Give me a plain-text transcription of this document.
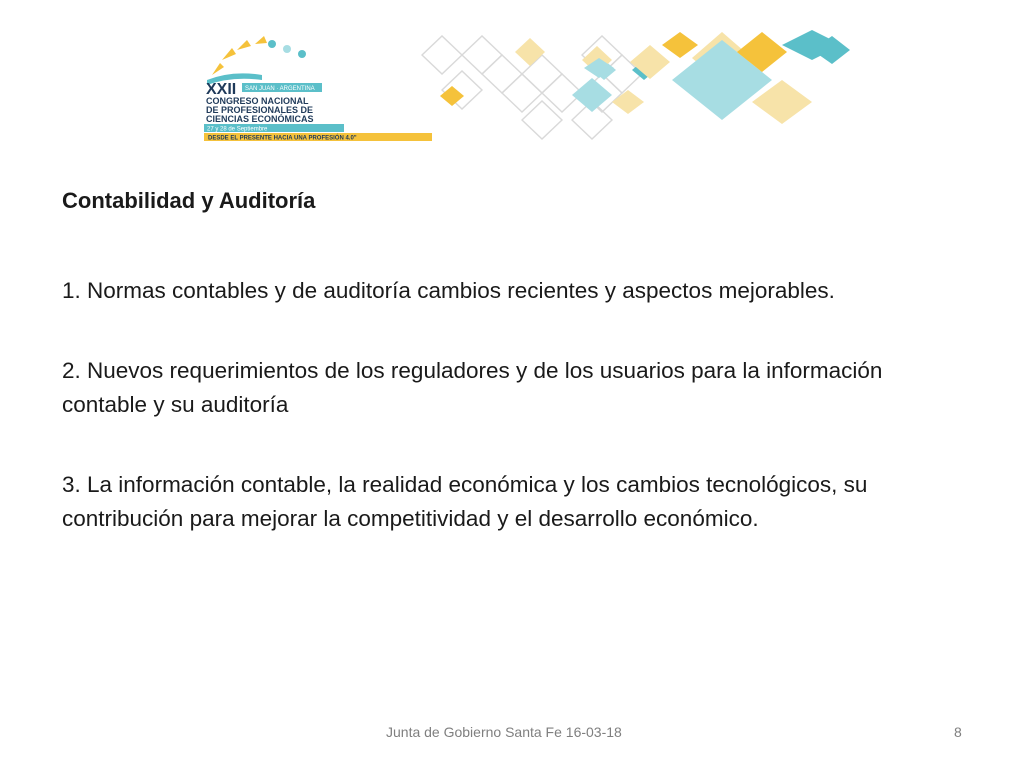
XXII SAN JUAN · ARGENTINA
CONGRESO NACIONAL
DE PROFESIONALES DE
CIENCIAS ECONÓMICAS
27 y 28 de Septiembre
DESDE EL PRESENTE HACIA UNA PROFESIÓN 4.0"

Contabilidad y Auditoría

1. Normas contables y de auditoría cambios recientes y aspectos mejorables.

2. Nuevos requerimientos de los reguladores y de los usuarios para la información contable y su auditoría

3. La información contable, la realidad económica y los cambios tecnológicos, su contribución para mejorar la competitividad y el desarrollo económico.

Junta de Gobierno Santa Fe 16-03-18	8
